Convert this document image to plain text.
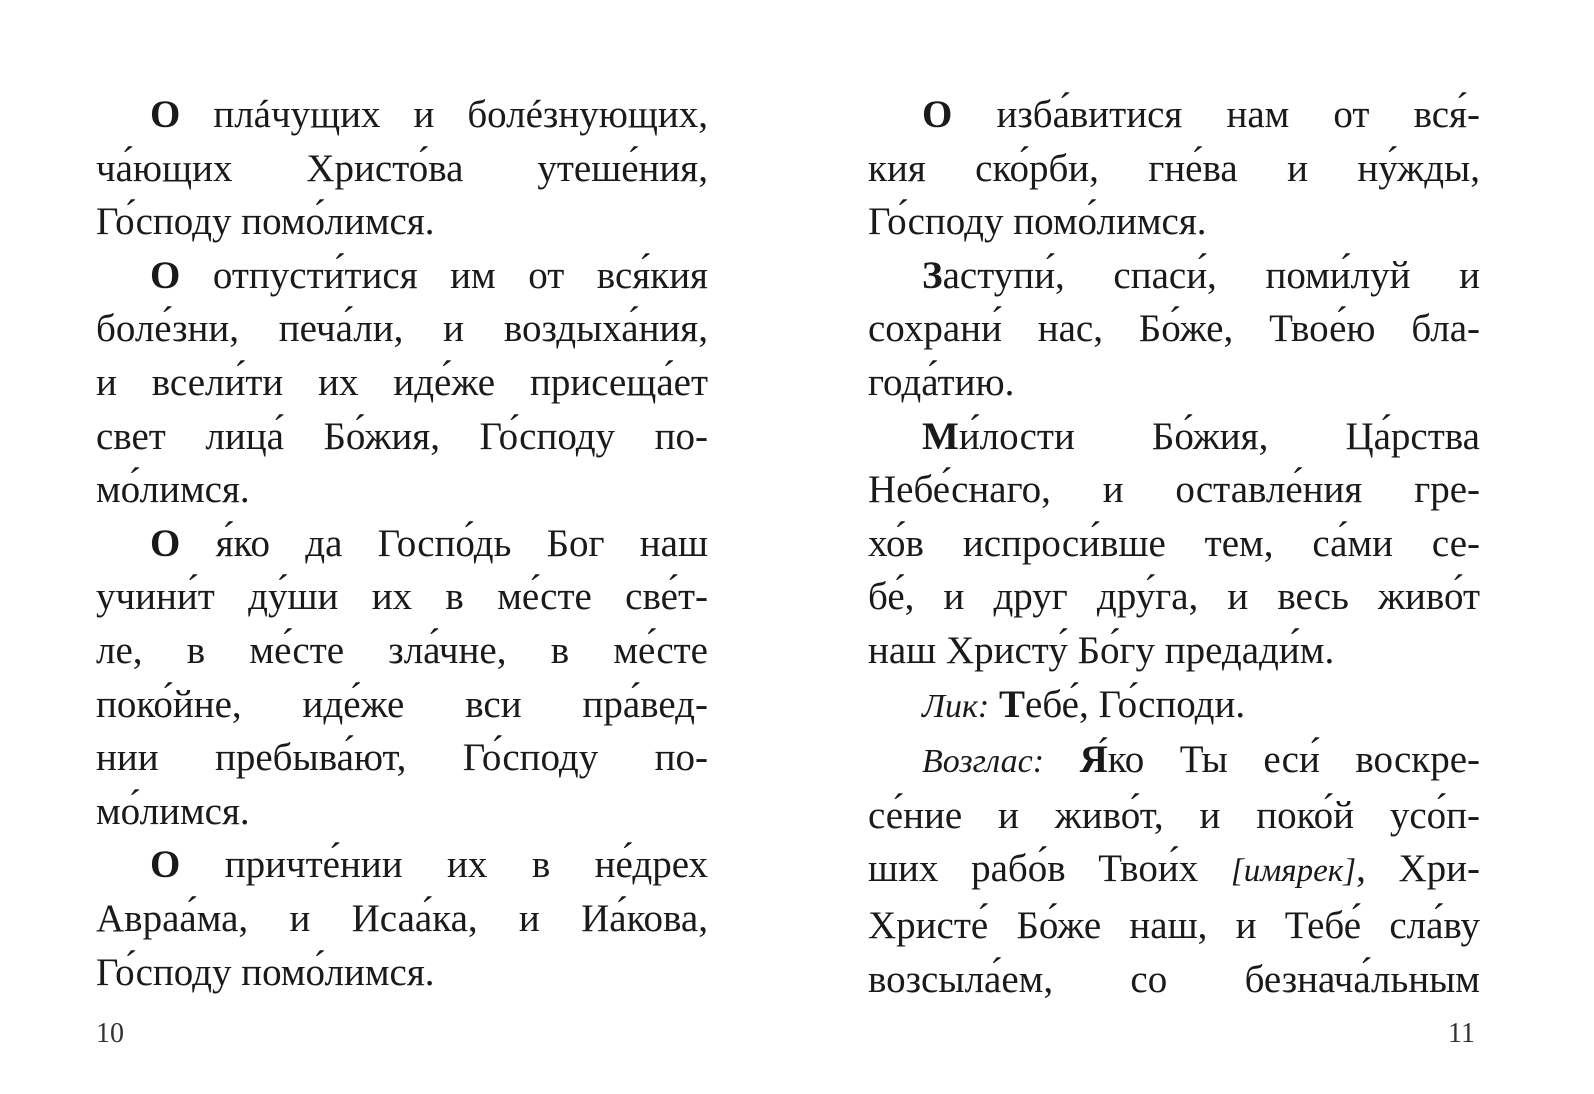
О плáчущих и болéзнующих,
ча́ющих Христо́ва утеше́ния,
Го́споду помо́лимся.
О отпусти́тися им от вся́кия
боле́зни, печа́ли, и воздыха́ния,
и всели́ти их иде́же присеща́ет
свет лица́ Бо́жия, Го́споду по-
мо́лимся.
О я́ко да Госпо́дь Бог наш
учини́т ду́ши их в ме́сте све́т-
ле, в ме́сте зла́чне, в ме́сте
поко́йне, иде́же вси пра́вед-
нии пребыва́ют, Го́споду по-
мо́лимся.
О причте́нии их в не́дрех
Авраа́ма, и Исаа́ка, и Иа́кова,
Го́споду помо́лимся.
10
О изба́витися нам от вся́-
кия ско́рби, гне́ва и ну́жды,
Го́споду помо́лимся.
Заступи́, спаси́, поми́луй и
сохрани́ нас, Бо́же, Твое́ю бла-
года́тию.
Ми́лости Бо́жия, Ца́рства
Небе́снаго, и оставле́ния гре-
хо́в испроси́вше тем, са́ми се-
бе́, и друг дру́га, и весь живо́т
наш Христу́ Бо́гу предади́м.
Лик: Тебе́, Го́споди.
Возглас: Я́ко Ты еси́ воскре-
се́ние и живо́т, и поко́й усо́п-
ших рабо́в Твои́х [имярек], Хри-
Христе́ Бо́же наш, и Тебе́ сла́ву
возсыла́ем, со безнача́льным
11
